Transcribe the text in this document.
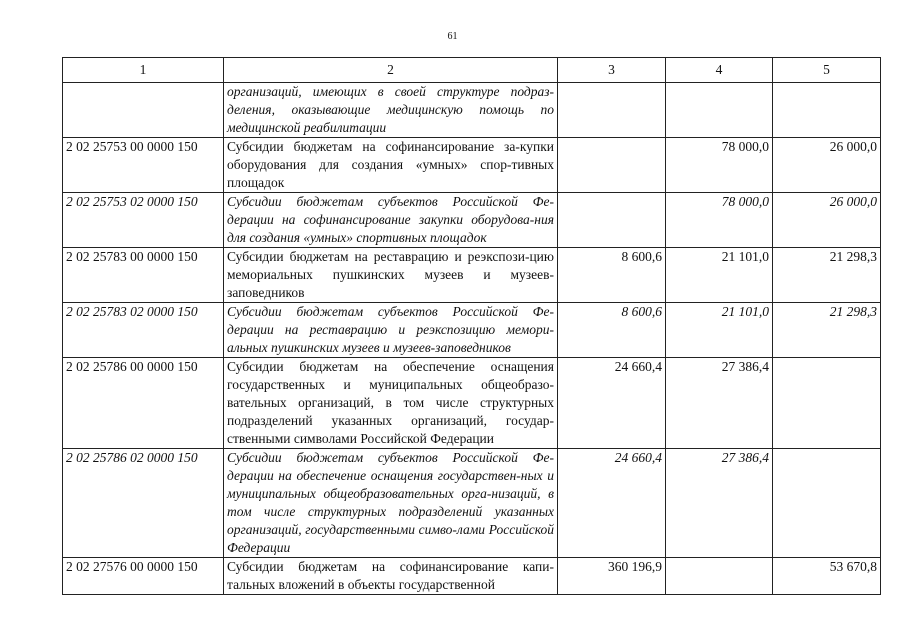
61
1	2	3	4	5
	организаций, имеющих в своей структуре подраз-деления, оказывающие медицинскую помощь по медицинской реабилитации			
2 02 25753 00 0000 150	Субсидии бюджетам на софинансирование за-купки оборудования для создания «умных» спор-тивных площадок		78 000,0	26 000,0
2 02 25753 02 0000 150	Субсидии бюджетам субъектов Российской Фе-дерации на софинансирование закупки оборудова-ния для создания «умных» спортивных площадок		78 000,0	26 000,0
2 02 25783 00 0000 150	Субсидии бюджетам на реставрацию и реэкспози-цию мемориальных пушкинских музеев и музеев-заповедников	8 600,6	21 101,0	21 298,3
2 02 25783 02 0000 150	Субсидии бюджетам субъектов Российской Фе-дерации на реставрацию и реэкспозицию мемори-альных пушкинских музеев и музеев-заповедников	8 600,6	21 101,0	21 298,3
2 02 25786 00 0000 150	Субсидии бюджетам на обеспечение оснащения государственных и муниципальных общеобразо-вательных организаций, в том числе структурных подразделений указанных организаций, государ-ственными символами Российской Федерации	24 660,4	27 386,4	
2 02 25786 02 0000 150	Субсидии бюджетам субъектов Российской Фе-дерации на обеспечение оснащения государствен-ных и муниципальных общеобразовательных орга-низаций, в том числе структурных подразделений указанных организаций, государственными симво-лами Российской Федерации	24 660,4	27 386,4	
2 02 27576 00 0000 150	Субсидии бюджетам на софинансирование капи-тальных вложений в объекты государственной	360 196,9		53 670,8
